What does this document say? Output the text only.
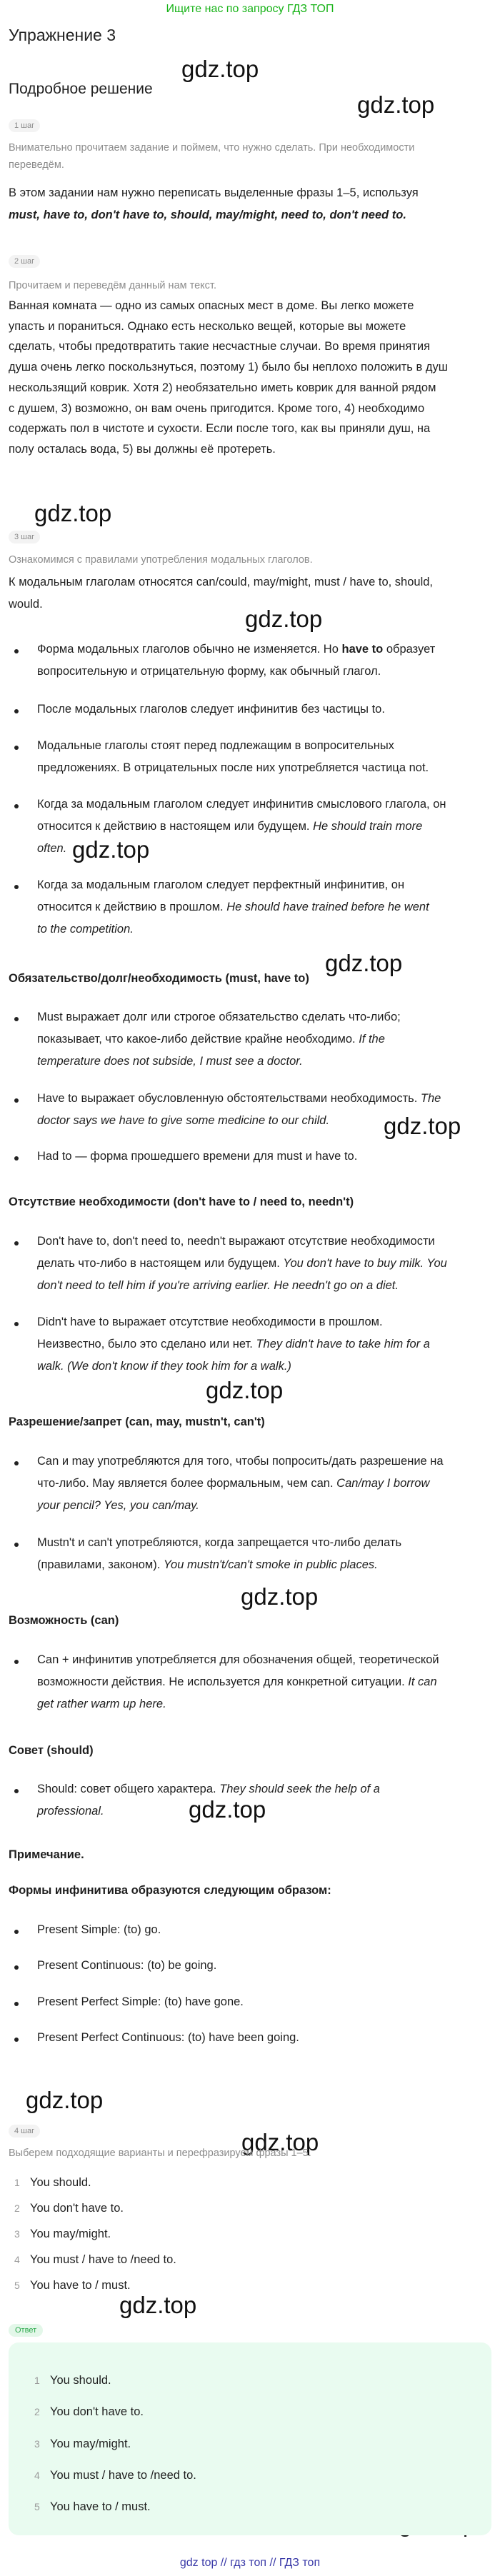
Ищите нас по запросу ГДЗ ТОП
Упражнение 3
Подробное решение
gdz.top
gdz.top
gdz.top
gdz.top
gdz.top
gdz.top
gdz.top
gdz.top
gdz.top
gdz.top
gdz.top
gdz.top
gdz.top
1 шаг
Внимательно прочитаем задание и поймем, что нужно сделать. При необходимости
переведём.
В этом задании нам нужно переписать выделенные фразы 1–5, используя
must, have to, don't have to, should, may/might, need to, don't need to.
2 шаг
Прочитаем и переведём данный нам текст.
Ванная комната — одно из самых опасных мест в доме. Вы легко можете
упасть и пораниться. Однако есть несколько вещей, которые вы можете
сделать, чтобы предотвратить такие несчастные случаи. Во время принятия
душа очень легко поскользнуться, поэтому 1) было бы неплохо положить в душ
нескользящий коврик. Хотя 2) необязательно иметь коврик для ванной рядом
с душем, 3) возможно, он вам очень пригодится. Кроме того, 4) необходимо
содержать пол в чистоте и сухости. Если после того, как вы приняли душ, на
полу осталась вода, 5) вы должны её протереть.
3 шаг
Ознакомимся с правилами употребления модальных глаголов.
К модальным глаголам относятся can/could, may/might, must / have to, should,
would.
Форма модальных глаголов обычно не изменяется. Но have to образует
вопросительную и отрицательную форму, как обычный глагол.
После модальных глаголов следует инфинитив без частицы to.
Модальные глаголы стоят перед подлежащим в вопросительных
предложениях. В отрицательных после них употребляется частица not.
Когда за модальным глаголом следует инфинитив смыслового глагола, он
относится к действию в настоящем или будущем. He should train more
often.
Когда за модальным глаголом следует перфектный инфинитив, он
относится к действию в прошлом. He should have trained before he went
to the competition.
Обязательство/долг/необходимость (must, have to)
Must выражает долг или строгое обязательство сделать что-либо;
показывает, что какое-либо действие крайне необходимо. If the
temperature does not subside, I must see a doctor.
Have to выражает обусловленную обстоятельствами необходимость. The
doctor says we have to give some medicine to our child.
Had to — форма прошедшего времени для must и have to.
Отсутствие необходимости (don't have to / need to, needn't)
Don't have to, don't need to, needn't выражают отсутствие необходимости
делать что-либо в настоящем или будущем. You don't have to buy milk. You
don't need to tell him if you're arriving earlier. He needn't go on a diet.
Didn't have to выражает отсутствие необходимости в прошлом.
Неизвестно, было это сделано или нет. They didn't have to take him for a
walk. (We don't know if they took him for a walk.)
Разрешение/запрет (can, may, mustn't, can't)
Can и may употребляются для того, чтобы попросить/дать разрешение на
что-либо. May является более формальным, чем can. Can/may I borrow
your pencil? Yes, you can/may.
Mustn't и can't употребляются, когда запрещается что-либо делать
(правилами, законом). You mustn't/can't smoke in public places.
Возможность (can)
Can + инфинитив употребляется для обозначения общей, теоретической
возможности действия. Не используется для конкретной ситуации. It can
get rather warm up here.
Совет (should)
Should: совет общего характера. They should seek the help of a
professional.
Примечание.
Формы инфинитива образуются следующим образом:
Present Simple: (to) go.
Present Continuous: (to) be going.
Present Perfect Simple: (to) have gone.
Present Perfect Continuous: (to) have been going.
4 шаг
Выберем подходящие варианты и перефразируем фразы 1–5.
1 You should.
2 You don't have to.
3 You may/might.
4 You must / have to /need to.
5 You have to / must.
Ответ
1 You should.
2 You don't have to.
3 You may/might.
4 You must / have to /need to.
5 You have to / must.
gdz top // гдз топ // ГДЗ топ
